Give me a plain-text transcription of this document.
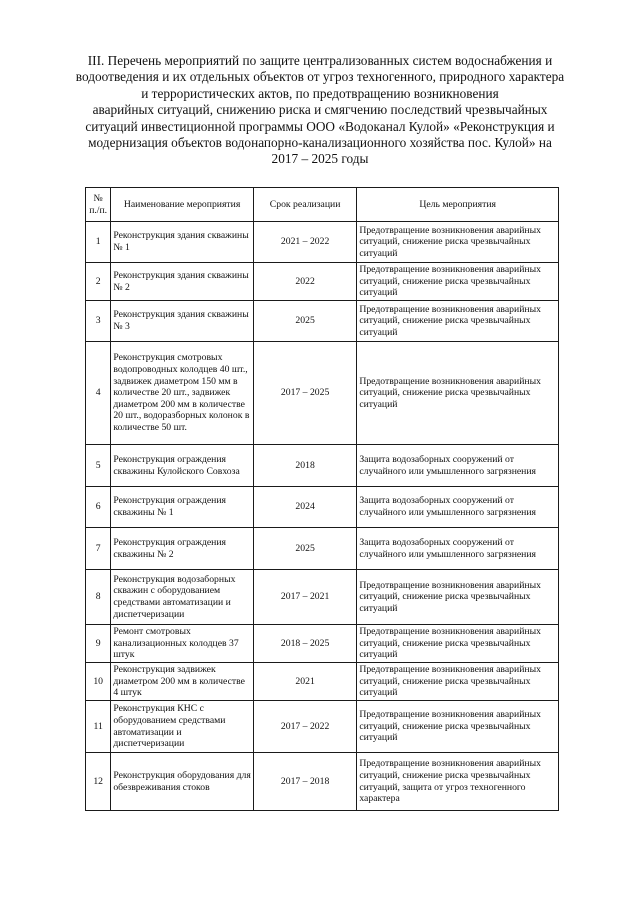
III. Перечень мероприятий по защите централизованных систем водоснабжения и
водоотведения и их отдельных объектов от угроз техногенного, природного характера
и террористических актов, по предотвращению возникновения
аварийных ситуаций, снижению риска и смягчению последствий чрезвычайных
ситуаций инвестиционной программы ООО «Водоканал Кулой» «Реконструкция и
модернизация объектов водонапорно-канализационного хозяйства пос. Кулой» на
2017 – 2025 годы
№ п./п.	Наименование мероприятия	Срок реализации	Цель мероприятия
1	Реконструкция здания скважины № 1	2021 – 2022	Предотвращение возникновения аварийных ситуаций, снижение риска чрезвычайных ситуаций
2	Реконструкция здания скважины № 2	2022	Предотвращение возникновения аварийных ситуаций, снижение риска чрезвычайных ситуаций
3	Реконструкция здания скважины № 3	2025	Предотвращение возникновения аварийных ситуаций, снижение риска чрезвычайных ситуаций
4	Реконструкция смотровых водопроводных колодцев 40 шт., задвижек диаметром 150 мм в количестве 20 шт., задвижек диаметром 200 мм в количестве 20 шт., водоразборных колонок в количестве 50 шт.	2017 – 2025	Предотвращение возникновения аварийных ситуаций, снижение риска чрезвычайных ситуаций
5	Реконструкция ограждения скважины Кулойского Совхоза	2018	Защита водозаборных сооружений от случайного или умышленного загрязнения
6	Реконструкция ограждения скважины № 1	2024	Защита водозаборных сооружений от случайного или умышленного загрязнения
7	Реконструкция ограждения скважины № 2	2025	Защита водозаборных сооружений от случайного или умышленного загрязнения
8	Реконструкция водозаборных скважин с оборудованием средствами автоматизации и диспетчеризации	2017 – 2021	Предотвращение возникновения аварийных ситуаций, снижение риска чрезвычайных ситуаций
9	Ремонт смотровых канализационных колодцев 37 штук	2018 – 2025	Предотвращение возникновения аварийных ситуаций, снижение риска чрезвычайных ситуаций
10	Реконструкция задвижек диаметром 200 мм в количестве 4 штук	2021	Предотвращение возникновения аварийных ситуаций, снижение риска чрезвычайных ситуаций
11	Реконструкция КНС с оборудованием средствами автоматизации и диспетчеризации	2017 – 2022	Предотвращение возникновения аварийных ситуаций, снижение риска чрезвычайных ситуаций
12	Реконструкция оборудования для обезвреживания стоков	2017 – 2018	Предотвращение возникновения аварийных ситуаций, снижение риска чрезвычайных ситуаций, защита от угроз техногенного характера
